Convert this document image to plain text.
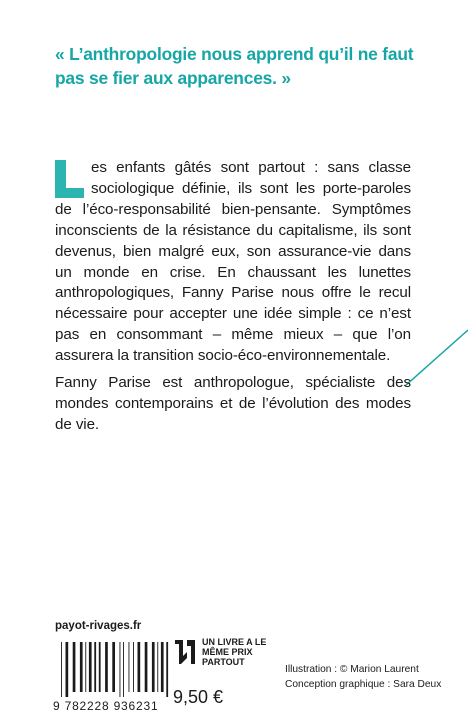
« L’anthropologie nous apprend qu’il ne faut pas se fier aux apparences. »

es enfants gâtés sont partout : sans classe sociologique définie, ils sont les porte-paroles de l’éco-responsabilité bien-pensante. Symptômes inconscients de la résistance du capitalisme, ils sont devenus, bien malgré eux, son assurance-vie dans un monde en crise. En chaussant les lunettes anthropologiques, Fanny Parise nous offre le recul nécessaire pour accepter une idée simple : ce n’est pas en consommant – même mieux – que l’on assurera la transition socio-éco-environnementale.

Fanny Parise est anthropologue, spécialiste des mondes contemporains et de l’évolution des modes de vie.

payot-rivages.fr
9 782228 936231 9,50 €
UN LIVRE A LE MÊME PRIX PARTOUT
Illustration : © Marion Laurent
Conception graphique : Sara Deux
